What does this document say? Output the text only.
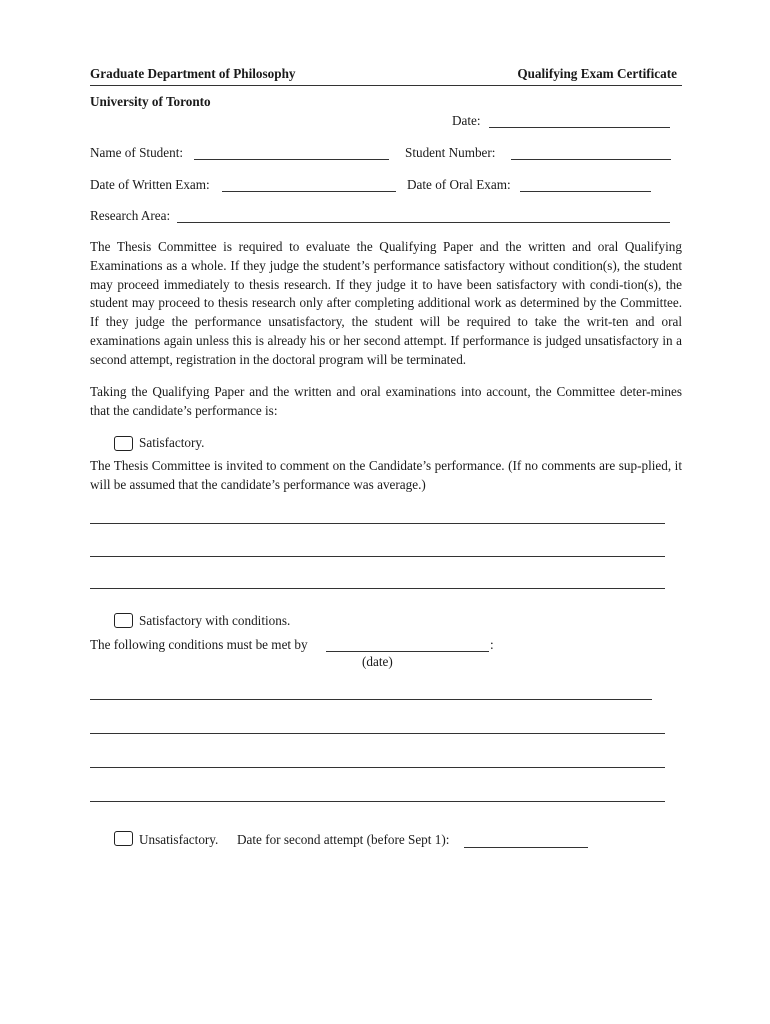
Graduate Department of Philosophy	Qualifying Exam Certificate
University of Toronto
Date:
Name of Student:	Student Number:
Date of Written Exam:	Date of Oral Exam:
Research Area:
The Thesis Committee is required to evaluate the Qualifying Paper and the written and oral Qualifying Examinations as a whole. If they judge the student’s performance satisfactory without condition(s), the student may proceed immediately to thesis research. If they judge it to have been satisfactory with condi-tion(s), the student may proceed to thesis research only after completing additional work as determined by the Committee. If they judge the performance unsatisfactory, the student will be required to take the writ-ten and oral examinations again unless this is already his or her second attempt. If performance is judged unsatisfactory in a second attempt, registration in the doctoral program will be terminated.
Taking the Qualifying Paper and the written and oral examinations into account, the Committee deter-mines that the candidate’s performance is:
Satisfactory.
The Thesis Committee is invited to comment on the Candidate’s performance. (If no comments are sup-plied, it will be assumed that the candidate’s performance was average.)
Satisfactory with conditions.
The following conditions must be met by	:
(date)
Unsatisfactory. Date for second attempt (before Sept 1):
